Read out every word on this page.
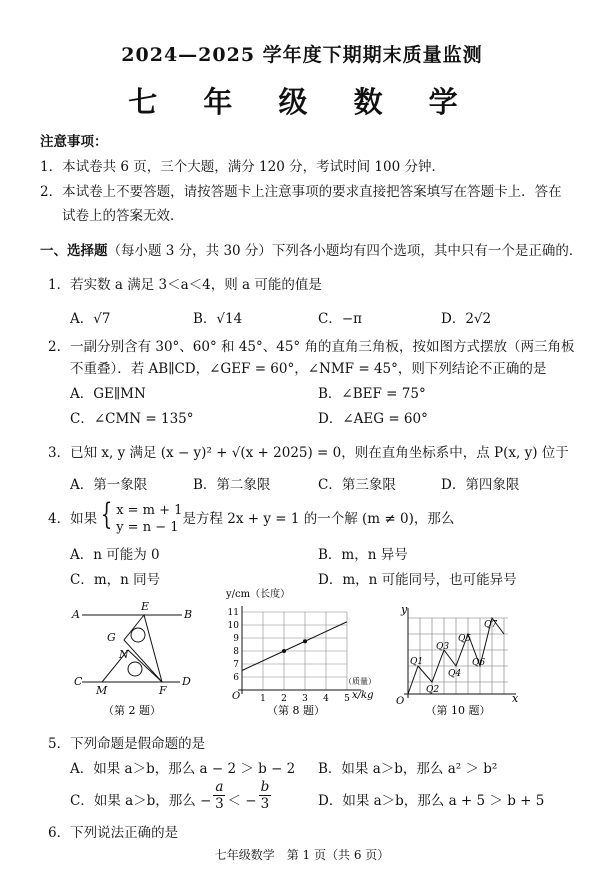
2024—2025 学年度下期期末质量监测
七 年 级 数 学
注意事项：
1．本试卷共 6 页，三个大题，满分 120 分，考试时间 100 分钟．
2．本试卷上不要答题，请按答题卡上注意事项的要求直接把答案填写在答题卡上．答在
试卷上的答案无效．
一、选择题（每小题 3 分，共 30 分）下列各小题均有四个选项，其中只有一个是正确的．
1．若实数 a 满足 3＜a＜4，则 a 可能的值是
A．√7	B．√14	C．−π	D．2√2
2．一副分别含有 30°、60° 和 45°、45° 角的直角三角板，按如图方式摆放（两三角板
不重叠）．若 AB∥CD，∠GEF = 60°，∠NMF = 45°，则下列结论不正确的是
A．GE∥MN	B．∠BEF = 75°
C．∠CMN = 135°	D．∠AEG = 60°
3．已知 x, y 满足 (x − y)² + √(x + 2025) = 0，则在直角坐标系中，点 P(x, y) 位于
A．第一象限	B．第二象限	C．第三象限	D．第四象限
4．如果 { x = m + 1
y = n − 1
是方程 2x + y = 1 的一个解 (m ≠ 0)，那么
A．n 可能为 0	B．m，n 异号
C．m，n 同号	D．m，n 可能同号，也可能异号
A
E
B
G
N
C
M	F
D
（第 2 题）
1 2 3 4 5
6
7
8
9
10
11
y/cm（长度）
（质量）
x/kg
O
（第 8 题）
y
x
O
Q1
Q2
Q3
Q4
Q5
Q6
Q7
（第 10 题）
5．下列命题是假命题的是
A．如果 a＞b，那么 a − 2 ＞ b − 2 B．如果 a＞b，那么 a² ＞ b²
C．如果 a＞b，那么 − $\frac{a}{3}$ ＜ − $\frac{b}{3}$	D．如果 a＞b，那么 a + 5 ＞ b + 5
6．下列说法正确的是
七年级数学　第 1 页（共 6 页）
